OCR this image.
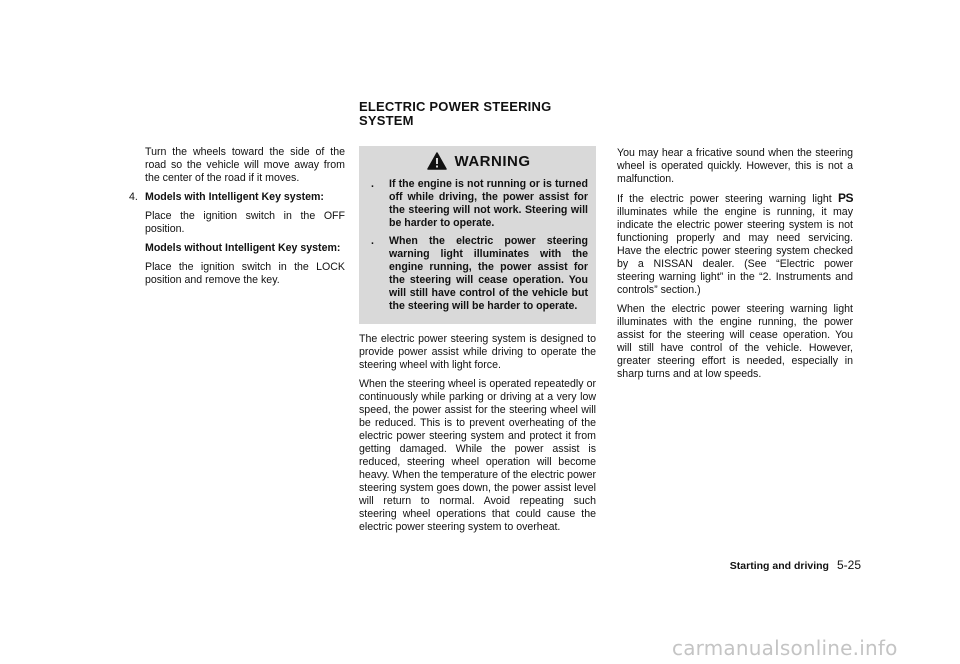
ELECTRIC POWER STEERING
SYSTEM

Turn the wheels toward the side of the road so the vehicle will move away from the center of the road if it moves.

4. Models with Intelligent Key system:

Place the ignition switch in the OFF position.

Models without Intelligent Key system:

Place the ignition switch in the LOCK position and remove the key.

WARNING
.	If the engine is not running or is turned off while driving, the power assist for the steering will not work. Steering will be harder to operate.
.	When the electric power steering warning light illuminates with the engine running, the power assist for the steering will cease operation. You will still have control of the vehicle but the steering will be harder to operate.

The electric power steering system is designed to provide power assist while driving to operate the steering wheel with light force.

When the steering wheel is operated repeatedly or continuously while parking or driving at a very low speed, the power assist for the steering wheel will be reduced. This is to prevent overheating of the electric power steering system and protect it from getting damaged. While the power assist is reduced, steering wheel operation will become heavy. When the temperature of the electric power steering system goes down, the power assist level will return to normal. Avoid repeating such steering wheel operations that could cause the electric power steering system to overheat.

You may hear a fricative sound when the steering wheel is operated quickly. However, this is not a malfunction.

If the electric power steering warning light PS illuminates while the engine is running, it may indicate the electric power steering system is not functioning properly and may need servicing. Have the electric power steering system checked by a NISSAN dealer. (See “Electric power steering warning light” in the “2. Instruments and controls” section.)

When the electric power steering warning light illuminates with the engine running, the power assist for the steering will cease operation. You will still have control of the vehicle. However, greater steering effort is needed, especially in sharp turns and at low speeds.

Starting and driving 5-25
carmanualsonline.info
